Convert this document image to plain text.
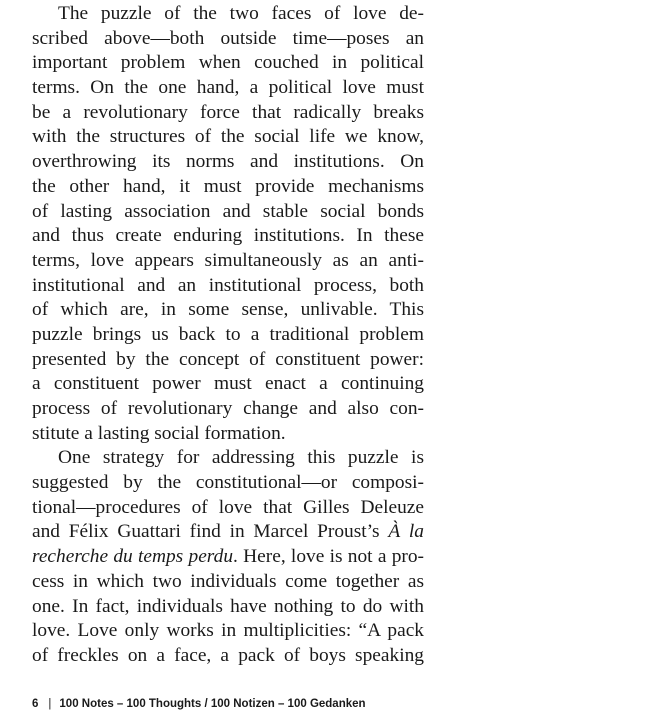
The puzzle of the two faces of love de-
scribed above—both outside time—poses an
important problem when couched in political
terms. On the one hand, a political love must
be a revolutionary force that radically breaks
with the structures of the social life we know,
overthrowing its norms and institutions. On
the other hand, it must provide mechanisms
of lasting association and stable social bonds
and thus create enduring institutions. In these
terms, love appears simultaneously as an anti-
institutional and an institutional process, both
of which are, in some sense, unlivable. This
puzzle brings us back to a traditional problem
presented by the concept of constituent power:
a constituent power must enact a continuing
process of revolutionary change and also con-
stitute a lasting social formation.
One strategy for addressing this puzzle is
suggested by the constitutional—or composi-
tional—procedures of love that Gilles Deleuze
and Félix Guattari find in Marcel Proust’s À la
recherche du temps perdu. Here, love is not a pro-
cess in which two individuals come together as
one. In fact, individuals have nothing to do with
love. Love only works in multiplicities: “A pack
of freckles on a face, a pack of boys speaking
6 | 100 Notes – 100 Thoughts / 100 Notizen – 100 Gedanken
